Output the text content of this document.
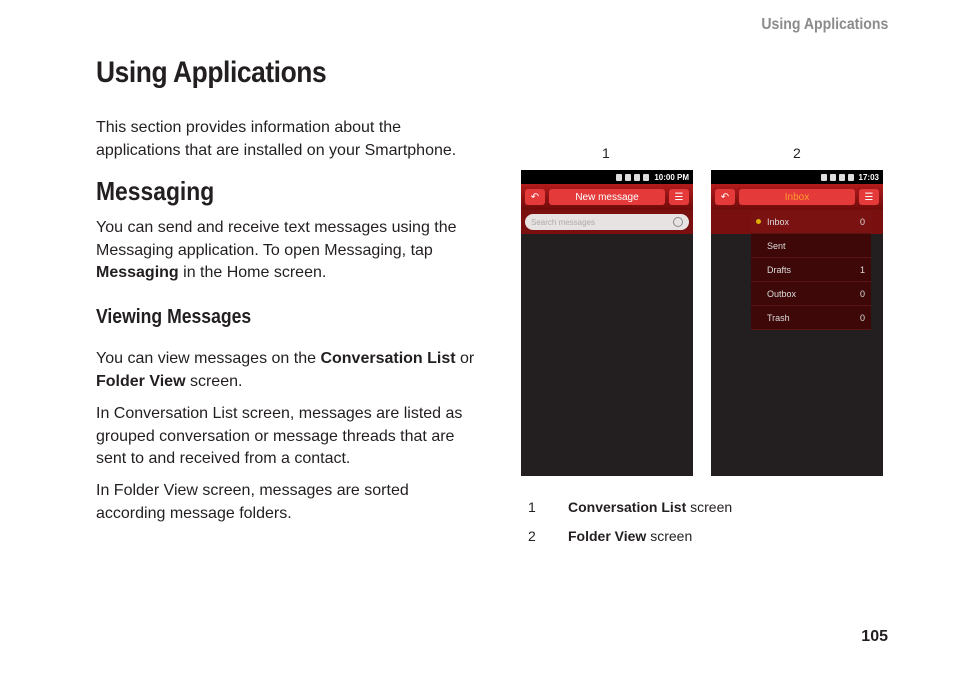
Using Applications
Using Applications

This section provides information about the applications that are installed on your Smartphone.

Messaging

You can send and receive text messages using the Messaging application. To open Messaging, tap Messaging in the Home screen.

Viewing Messages

You can view messages on the Conversation List or Folder View screen.

In Conversation List screen, messages are listed as grouped conversation or message threads that are sent to and received from a contact.

In Folder View screen, messages are sorted according message folders.

1	2
10:00 PM
↶	New message	☰
Search messages
17:03
↶	Inbox	☰
Inbox	0
Sent
Drafts	1
Outbox	0
Trash	0
1 Conversation List screen
2 Folder View screen
105
